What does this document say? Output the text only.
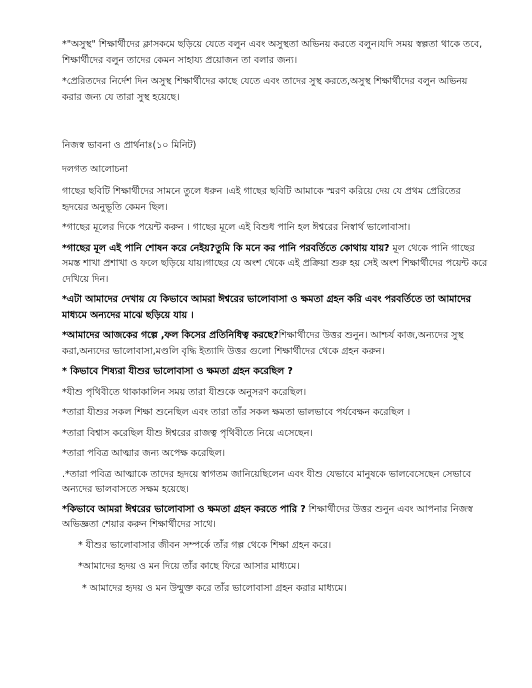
*"অসুস্থ" শিক্ষার্থীদের ক্লাসকমে ছড়িয়ে যেতে বলুন এবং অসুস্থতা অভিনয় করতে বলুন।যদি সময় স্বল্পতা থাকে তবে, শিক্ষার্থীদের বলুন তাদের কেমন সাহায্য প্রয়োজন তা বলার জন্য।

*প্রেরিতদের নির্দেশ দিন অসুস্থ শিক্ষার্থীদের কাছে যেতে এবং তাদের সুস্থ করতে,অসুস্থ শিক্ষার্থীদের বলুন অভিনয় করার জন্য যে তারা সুস্থ হয়েছে।

নিজস্ব ভাবনা ও প্রার্থনাঃ(১০ মিনিট)

দলগত আলোচনা

গাছের ছবিটি শিক্ষার্থীদের সামনে তুলে ধরুন ।এই গাছের ছবিটি আমাকে স্মরণ করিয়ে দেয় যে প্রথম প্রেরিতের হৃদয়ের অনুভূতি কেমন ছিল।

*গাছের মূলের দিকে পয়েন্ট করুন । গাছের মূলে এই বিশুধ পানি হল ঈশ্বরের নিস্বার্থ ভালোবাসা।

*গাছের মূল এই পানি শোষন করে নেইয়?তুমি কি মনে কর পানি পরবর্তিতে কোথায় যায়? মূল থেকে পানি গাছের সমস্ত শাখা প্রশাখা ও ফলে ছড়িয়ে যায়।গাছের যে অংশ থেকে এই প্রক্রিয়া শুরু হয় সেই অংশ শিক্ষার্থীদের পয়েন্ট করে দেখিয়ে দিন।

*এটা আমাদের দেখায় যে কিভাবে আমরা ঈশ্বরের ভালোবাসা ও ক্ষমতা গ্রহন করি এবং পরবর্তিতে তা আমাদের মাধ্যমে অন্যদের মাঝে ছড়িয়ে যায় ।

*আমাদের আজকের গল্পে ,ফল কিসের প্রতিনিধিত্ব করছে?শিক্ষার্থীদের উত্তর শুনুন। আশ্চর্য কাজ,অন্যদের সুস্থ করা,অন্যদের ভালোবাসা,মণ্ডলি বৃদ্ধি ইত্যাদি উত্তর গুলো শিক্ষার্থীদের থেকে গ্রহন করুন।

* কিভাবে শিষ্যরা যীশুর ভালোবাসা ও ক্ষমতা গ্রহন করেছিল ?

*যীশু পৃথিবীতে থাকাকালিন সময় তারা যীশুকে অনুসরণ করেছিল।

*তারা যীশুর সকল শিক্ষা শুনেছিল এবং তারা তাঁর সকল ক্ষমতা ভালভাবে পর্যবেক্ষন করেছিল ।

*তারা বিশ্বাস করেছিল যীশু ঈশ্বরের রাজত্ব পৃথিবীতে নিয়ে এসেছেন।

*তারা পবিত্র আত্মার জন্য অপেক্ষ করেছিল।

.*তারা পবিত্র আত্মাকে তাদের হৃদয়ে স্বাগতম জানিয়েছিলেন এবং যীশু যেভাবে মানুষকে ভালবেসেছেন সেভাবে অন্যদের ভালবাসতে সক্ষম হয়েছে।

*কিভাবে আমরা ঈশ্বরের ভালোবাসা ও ক্ষমতা গ্রহন করতে পারি ? শিক্ষার্থীদের উত্তর শুনুন এবং আপনার নিজস্ব অভিজ্ঞতা শেয়ার করুন শিক্ষার্থীদের সাথে।

* যীশুর ভালোবাসার জীবন সম্পর্কে তাঁর গল্প থেকে শিক্ষা গ্রহন করে।

*আমাদের হৃদয় ও মন দিয়ে তাঁর কাছে ফিরে আসার মাধ্যমে।

* আমাদের হৃদয় ও মন উন্মুক্ত করে তাঁর ভালোবাসা গ্রহন করার মাধ্যমে।
